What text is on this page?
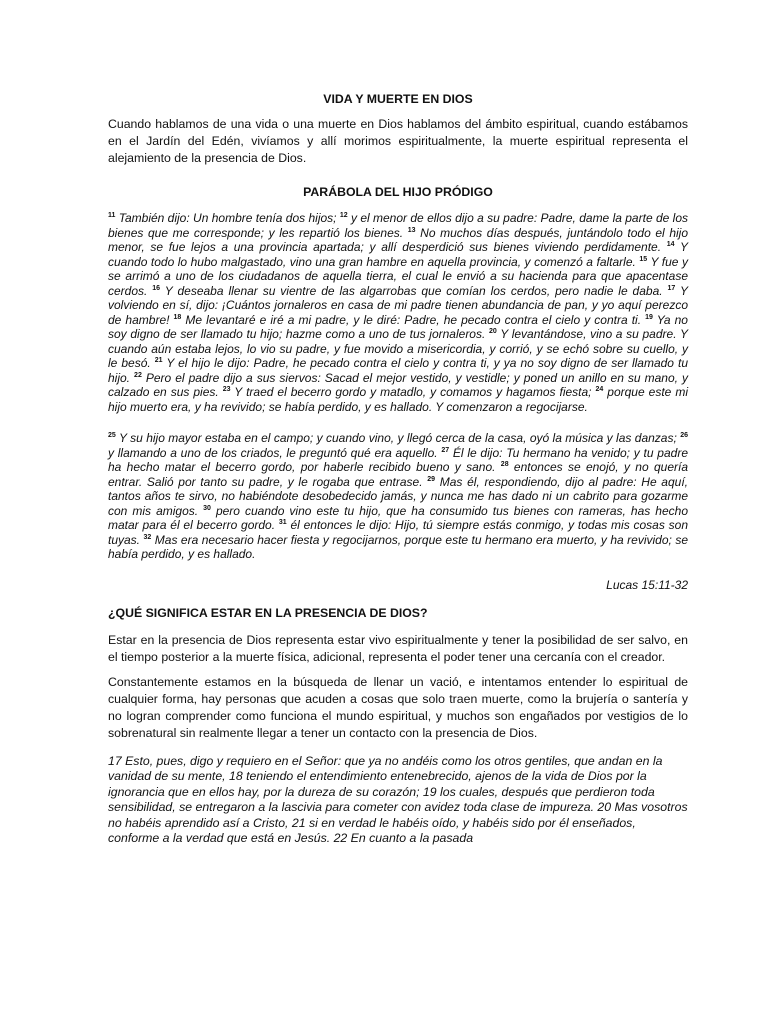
VIDA Y MUERTE EN DIOS

Cuando hablamos de una vida o una muerte en Dios hablamos del ámbito espiritual, cuando estábamos en el Jardín del Edén, vivíamos y allí morimos espiritualmente, la muerte espiritual representa el alejamiento de la presencia de Dios.

PARÁBOLA DEL HIJO PRÓDIGO

$^{11}$ También dijo: Un hombre tenía dos hijos; $^{12}$ y el menor de ellos dijo a su padre: Padre, dame la parte de los bienes que me corresponde; y les repartió los bienes. $^{13}$ No muchos días después, juntándolo todo el hijo menor, se fue lejos a una provincia apartada; y allí desperdició sus bienes viviendo perdidamente. $^{14}$ Y cuando todo lo hubo malgastado, vino una gran hambre en aquella provincia, y comenzó a faltarle. $^{15}$ Y fue y se arrimó a uno de los ciudadanos de aquella tierra, el cual le envió a su hacienda para que apacentase cerdos. $^{16}$ Y deseaba llenar su vientre de las algarrobas que comían los cerdos, pero nadie le daba. $^{17}$ Y volviendo en sí, dijo: ¡Cuántos jornaleros en casa de mi padre tienen abundancia de pan, y yo aquí perezco de hambre! $^{18}$ Me levantaré e iré a mi padre, y le diré: Padre, he pecado contra el cielo y contra ti. $^{19}$ Ya no soy digno de ser llamado tu hijo; hazme como a uno de tus jornaleros. $^{20}$ Y levantándose, vino a su padre. Y cuando aún estaba lejos, lo vio su padre, y fue movido a misericordia, y corrió, y se echó sobre su cuello, y le besó. $^{21}$ Y el hijo le dijo: Padre, he pecado contra el cielo y contra ti, y ya no soy digno de ser llamado tu hijo. $^{22}$ Pero el padre dijo a sus siervos: Sacad el mejor vestido, y vestidle; y poned un anillo en su mano, y calzado en sus pies. $^{23}$ Y traed el becerro gordo y matadlo, y comamos y hagamos fiesta; $^{24}$ porque este mi hijo muerto era, y ha revivido; se había perdido, y es hallado. Y comenzaron a regocijarse.

$^{25}$ Y su hijo mayor estaba en el campo; y cuando vino, y llegó cerca de la casa, oyó la música y las danzas; $^{26}$ y llamando a uno de los criados, le preguntó qué era aquello. $^{27}$ Él le dijo: Tu hermano ha venido; y tu padre ha hecho matar el becerro gordo, por haberle recibido bueno y sano. $^{28}$ entonces se enojó, y no quería entrar. Salió por tanto su padre, y le rogaba que entrase. $^{29}$ Mas él, respondiendo, dijo al padre: He aquí, tantos años te sirvo, no habiéndote desobedecido jamás, y nunca me has dado ni un cabrito para gozarme con mis amigos. $^{30}$ pero cuando vino este tu hijo, que ha consumido tus bienes con rameras, has hecho matar para él el becerro gordo. $^{31}$ él entonces le dijo: Hijo, tú siempre estás conmigo, y todas mis cosas son tuyas. $^{32}$ Mas era necesario hacer fiesta y regocijarnos, porque este tu hermano era muerto, y ha revivido; se había perdido, y es hallado.

Lucas 15:11-32

¿QUÉ SIGNIFICA ESTAR EN LA PRESENCIA DE DIOS?

Estar en la presencia de Dios representa estar vivo espiritualmente y tener la posibilidad de ser salvo, en el tiempo posterior a la muerte física, adicional, representa el poder tener una cercanía con el creador.

Constantemente estamos en la búsqueda de llenar un vació, e intentamos entender lo espiritual de cualquier forma, hay personas que acuden a cosas que solo traen muerte, como la brujería o santería y no logran comprender como funciona el mundo espiritual, y muchos son engañados por vestigios de lo sobrenatural sin realmente llegar a tener un contacto con la presencia de Dios.

17 Esto, pues, digo y requiero en el Señor: que ya no andéis como los otros gentiles, que andan en la vanidad de su mente, 18 teniendo el entendimiento entenebrecido, ajenos de la vida de Dios por la ignorancia que en ellos hay, por la dureza de su corazón; 19 los cuales, después que perdieron toda sensibilidad, se entregaron a la lascivia para cometer con avidez toda clase de impureza. 20 Mas vosotros no habéis aprendido así a Cristo, 21 si en verdad le habéis oído, y habéis sido por él enseñados, conforme a la verdad que está en Jesús. 22 En cuanto a la pasada
